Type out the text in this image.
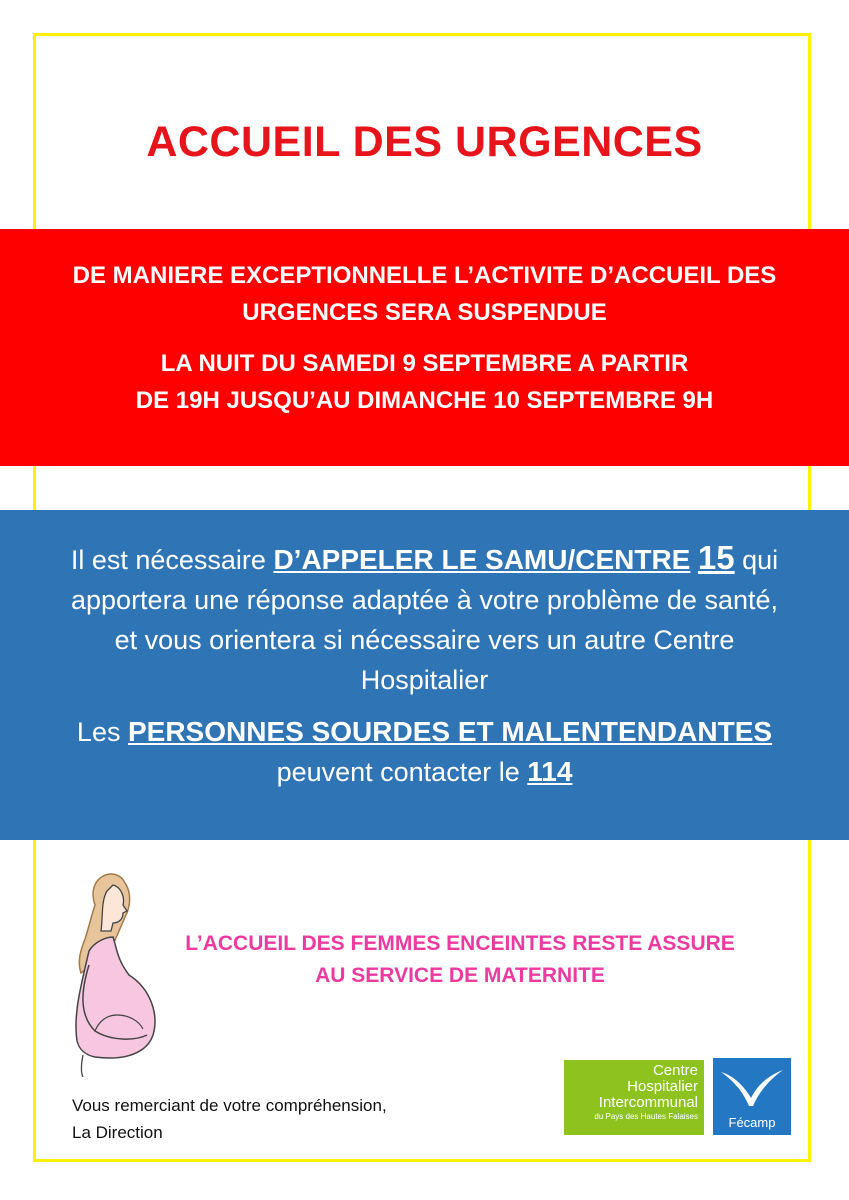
ACCUEIL DES URGENCES

DE MANIERE EXCEPTIONNELLE L’ACTIVITE D’ACCUEIL DES

URGENCES SERA SUSPENDUE

LA NUIT DU SAMEDI 9 SEPTEMBRE A PARTIR

DE 19H JUSQU’AU DIMANCHE 10 SEPTEMBRE 9H

Il est nécessaire D’APPELER LE SAMU/CENTRE 15 qui

apportera une réponse adaptée à votre problème de santé,

et vous orientera si nécessaire vers un autre Centre

Hospitalier

Les PERSONNES SOURDES ET MALENTENDANTES

peuvent contacter le 114

L’ACCUEIL DES FEMMES ENCEINTES RESTE ASSURE
AU SERVICE DE MATERNITE
Vous remerciant de votre compréhension,
La Direction
Centre
Hospitalier
Intercommunal
du Pays des Hautes Falaises	Fécamp
